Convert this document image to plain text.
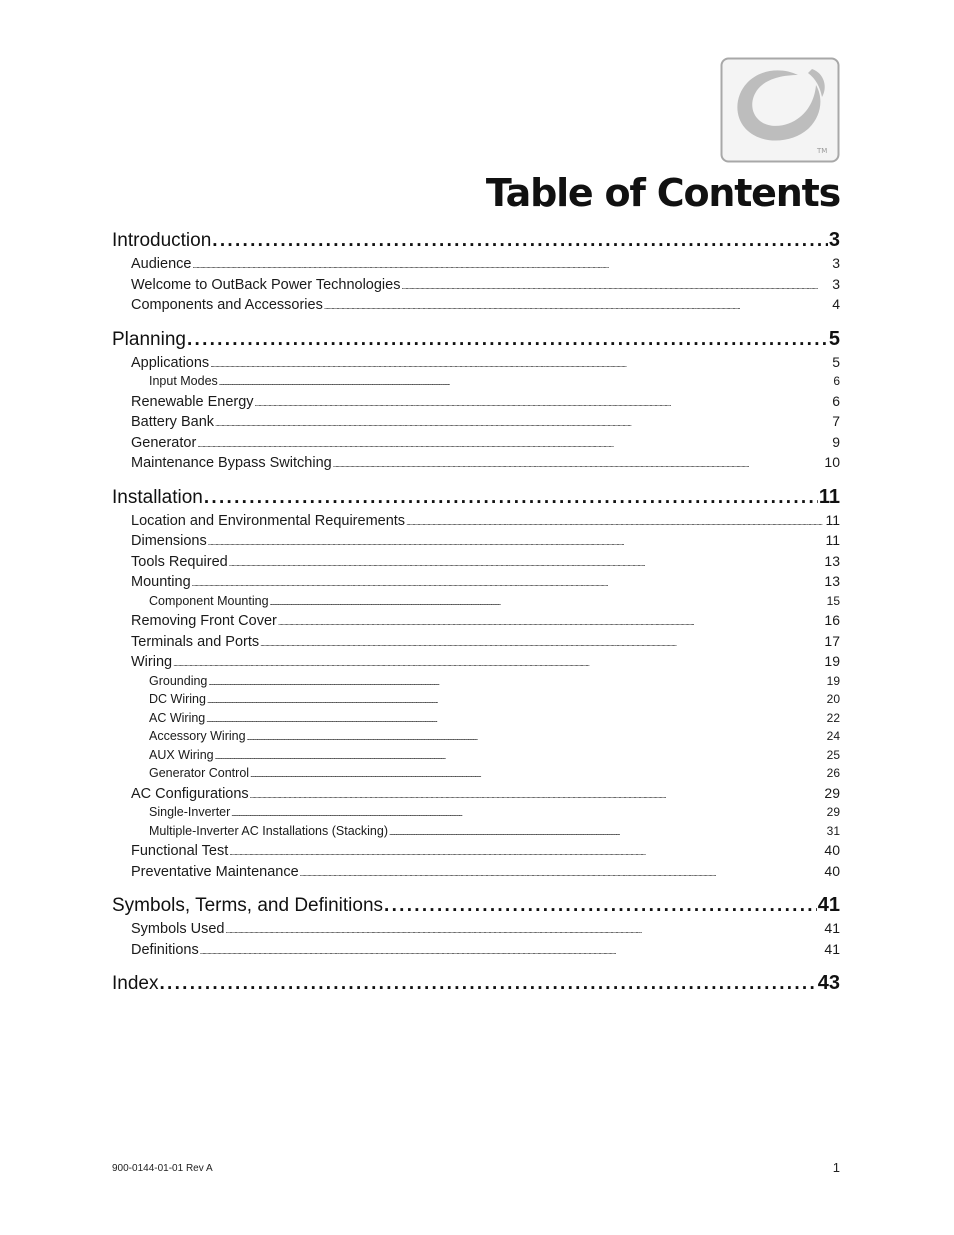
TM
Table of Contents
Introduction . . .	3
Audience . . .	3
Welcome to OutBack Power Technologies . . .	3
Components and Accessories . . .	4
Planning . . .	5
Applications . . .	5
Input Modes . . .	6
Renewable Energy . . .	6
Battery Bank . . .	7
Generator . . .	9
Maintenance Bypass Switching . . .	10
Installation . . .	11
Location and Environmental Requirements . . .	11
Dimensions . . .	11
Tools Required . . .	13
Mounting . . .	13
Component Mounting . . .	15
Removing Front Cover . . .	16
Terminals and Ports . . .	17
Wiring . . .	19
Grounding . . .	19
DC Wiring . . .	20
AC Wiring . . .	22
Accessory Wiring . . .	24
AUX Wiring . . .	25
Generator Control . . .	26
AC Configurations . . .	29
Single-Inverter . . .	29
Multiple-Inverter AC Installations (Stacking) . . .	31
Functional Test . . .	40
Preventative Maintenance . . .	40
Symbols, Terms, and Definitions . . .	41
Symbols Used . . .	41
Definitions . . .	41
Index . . .	43
900-0144-01-01 Rev A	1
